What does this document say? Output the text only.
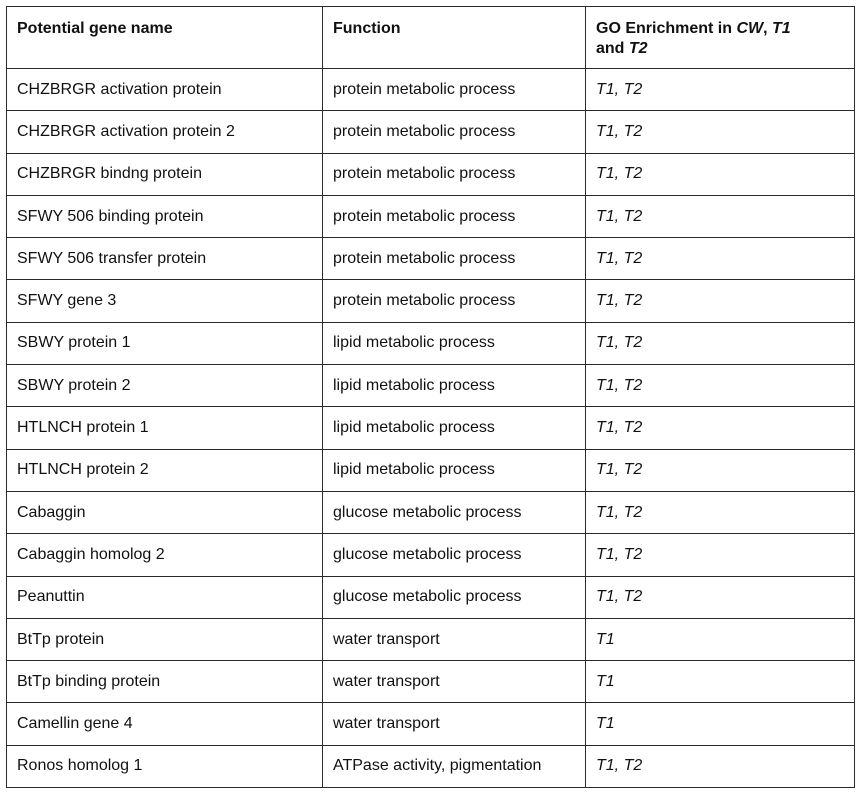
Potential gene name	Function	GO Enrichment in CW, T1
and T2
CHZBRGR activation protein	protein metabolic process	T1, T2
CHZBRGR activation protein 2	protein metabolic process	T1, T2
CHZBRGR bindng protein	protein metabolic process	T1, T2
SFWY 506 binding protein	protein metabolic process	T1, T2
SFWY 506 transfer protein	protein metabolic process	T1, T2
SFWY gene 3	protein metabolic process	T1, T2
SBWY protein 1	lipid metabolic process	T1, T2
SBWY protein 2	lipid metabolic process	T1, T2
HTLNCH protein 1	lipid metabolic process	T1, T2
HTLNCH protein 2	lipid metabolic process	T1, T2
Cabaggin	glucose metabolic process	T1, T2
Cabaggin homolog 2	glucose metabolic process	T1, T2
Peanuttin	glucose metabolic process	T1, T2
BtTp protein	water transport	T1
BtTp binding protein	water transport	T1
Camellin gene 4	water transport	T1
Ronos homolog 1	ATPase activity, pigmentation	T1, T2
